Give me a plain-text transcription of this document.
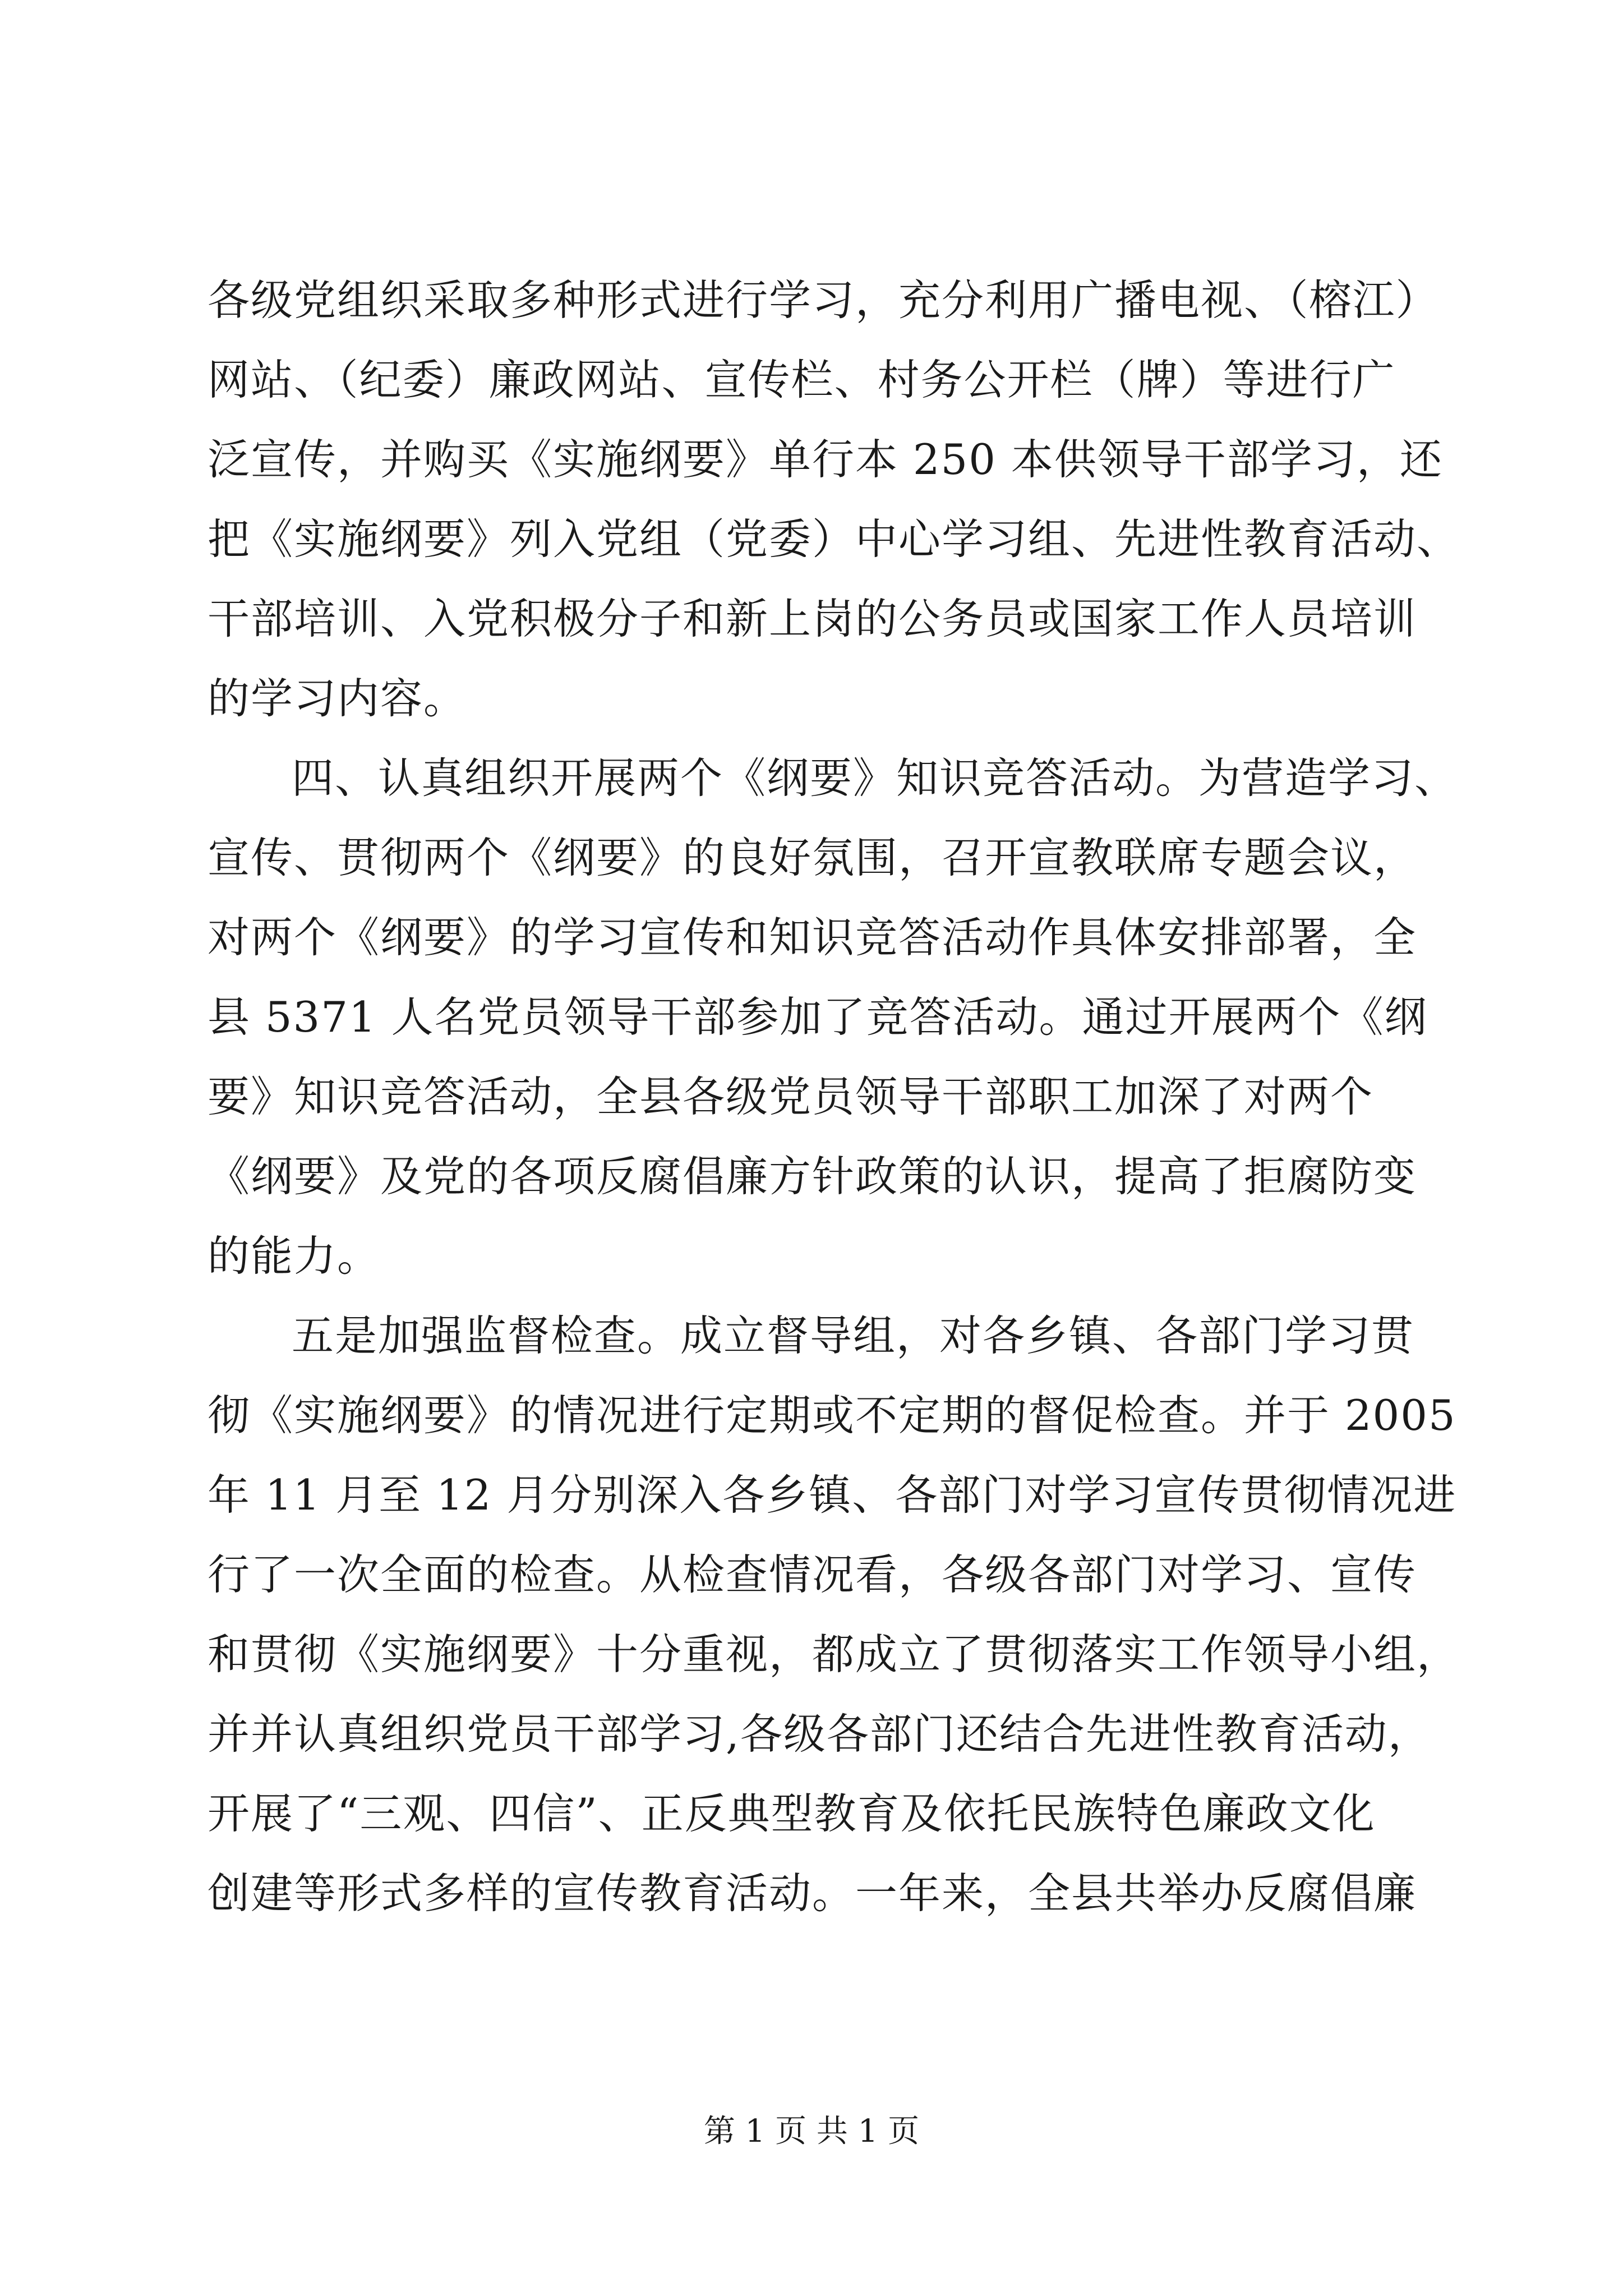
各级党组织采取多种形式进行学习，充分利用广播电视、（榕江）
网站、（纪委）廉政网站、宣传栏、村务公开栏（牌）等进行广
泛宣传，并购买《实施纲要》单行本 250 本供领导干部学习，还
把《实施纲要》列入党组（党委）中心学习组、先进性教育活动、
干部培训、入党积极分子和新上岗的公务员或国家工作人员培训
的学习内容。
四、认真组织开展两个《纲要》知识竞答活动。为营造学习、
宣传、贯彻两个《纲要》的良好氛围，召开宣教联席专题会议，
对两个《纲要》的学习宣传和知识竞答活动作具体安排部署，全
县 5371 人名党员领导干部参加了竞答活动。通过开展两个《纲
要》知识竞答活动，全县各级党员领导干部职工加深了对两个
《纲要》及党的各项反腐倡廉方针政策的认识，提高了拒腐防变
的能力。
五是加强监督检查。成立督导组，对各乡镇、各部门学习贯
彻《实施纲要》的情况进行定期或不定期的督促检查。并于 2005
年 11 月至 12 月分别深入各乡镇、各部门对学习宣传贯彻情况进
行了一次全面的检查。从检查情况看，各级各部门对学习、宣传
和贯彻《实施纲要》十分重视，都成立了贯彻落实工作领导小组，
并并认真组织党员干部学习,各级各部门还结合先进性教育活动，
开展了“三观、四信”、正反典型教育及依托民族特色廉政文化
创建等形式多样的宣传教育活动。一年来，全县共举办反腐倡廉
第 1 页 共 1 页
